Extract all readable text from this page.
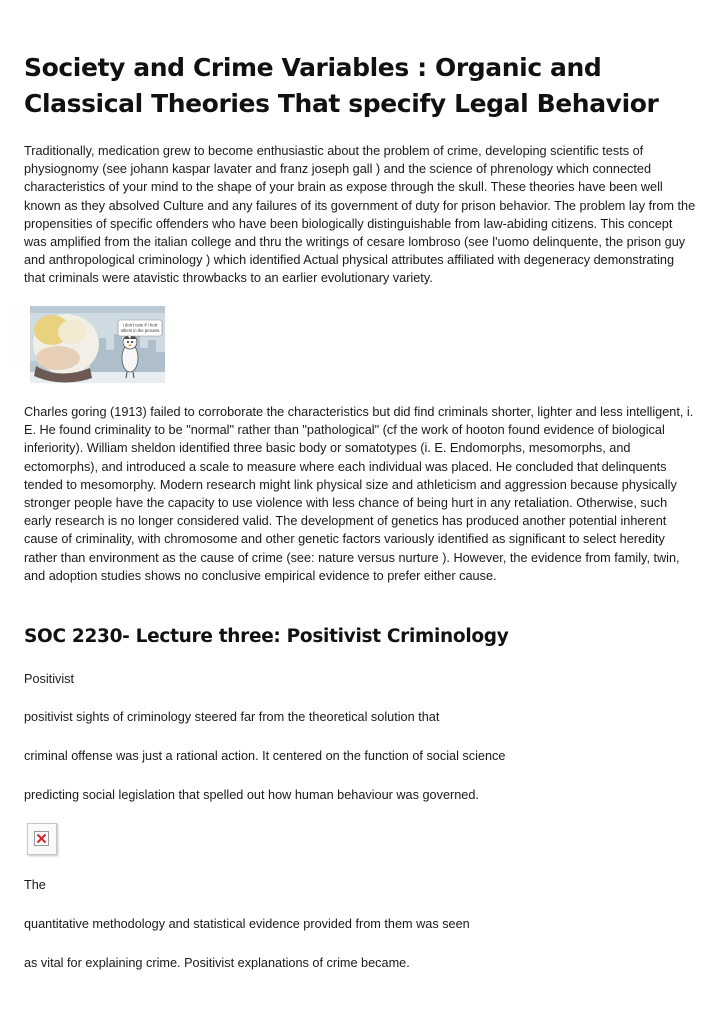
Society and Crime Variables : Organic and Classical Theories That specify Legal Behavior

Traditionally, medication grew to become enthusiastic about the problem of crime, developing scientific tests of physiognomy (see johann kaspar lavater and franz joseph gall ) and the science of phrenology which connected characteristics of your mind to the shape of your brain as expose through the skull. These theories have been well known as they absolved Culture and any failures of its government of duty for prison behavior. The problem lay from the propensities of specific offenders who have been biologically distinguishable from law-abiding citizens. This concept was amplified from the italian college and thru the writings of cesare lombroso (see l'uomo delinquente, the prison guy and anthropological criminology ) which identified Actual physical attributes affiliated with degeneracy demonstrating that criminals were atavistic throwbacks to an earlier evolutionary variety.

I don't care if I hurt
others in the process

Charles goring (1913) failed to corroborate the characteristics but did find criminals shorter, lighter and less intelligent, i. E. He found criminality to be "normal" rather than "pathological" (cf the work of hooton found evidence of biological inferiority). William sheldon identified three basic body or somatotypes (i. E. Endomorphs, mesomorphs, and ectomorphs), and introduced a scale to measure where each individual was placed. He concluded that delinquents tended to mesomorphy. Modern research might link physical size and athleticism and aggression because physically stronger people have the capacity to use violence with less chance of being hurt in any retaliation. Otherwise, such early research is no longer considered valid. The development of genetics has produced another potential inherent cause of criminality, with chromosome and other genetic factors variously identified as significant to select heredity rather than environment as the cause of crime (see: nature versus nurture ). However, the evidence from family, twin, and adoption studies shows no conclusive empirical evidence to prefer either cause.

SOC 2230- Lecture three: Positivist Criminology

Positivist

positivist sights of criminology steered far from the theoretical solution that

criminal offense was just a rational action. It centered on the function of social science

predicting social legislation that spelled out how human behaviour was governed.

The

quantitative methodology and statistical evidence provided from them was seen

as vital for explaining crime. Positivist explanations of crime became.
